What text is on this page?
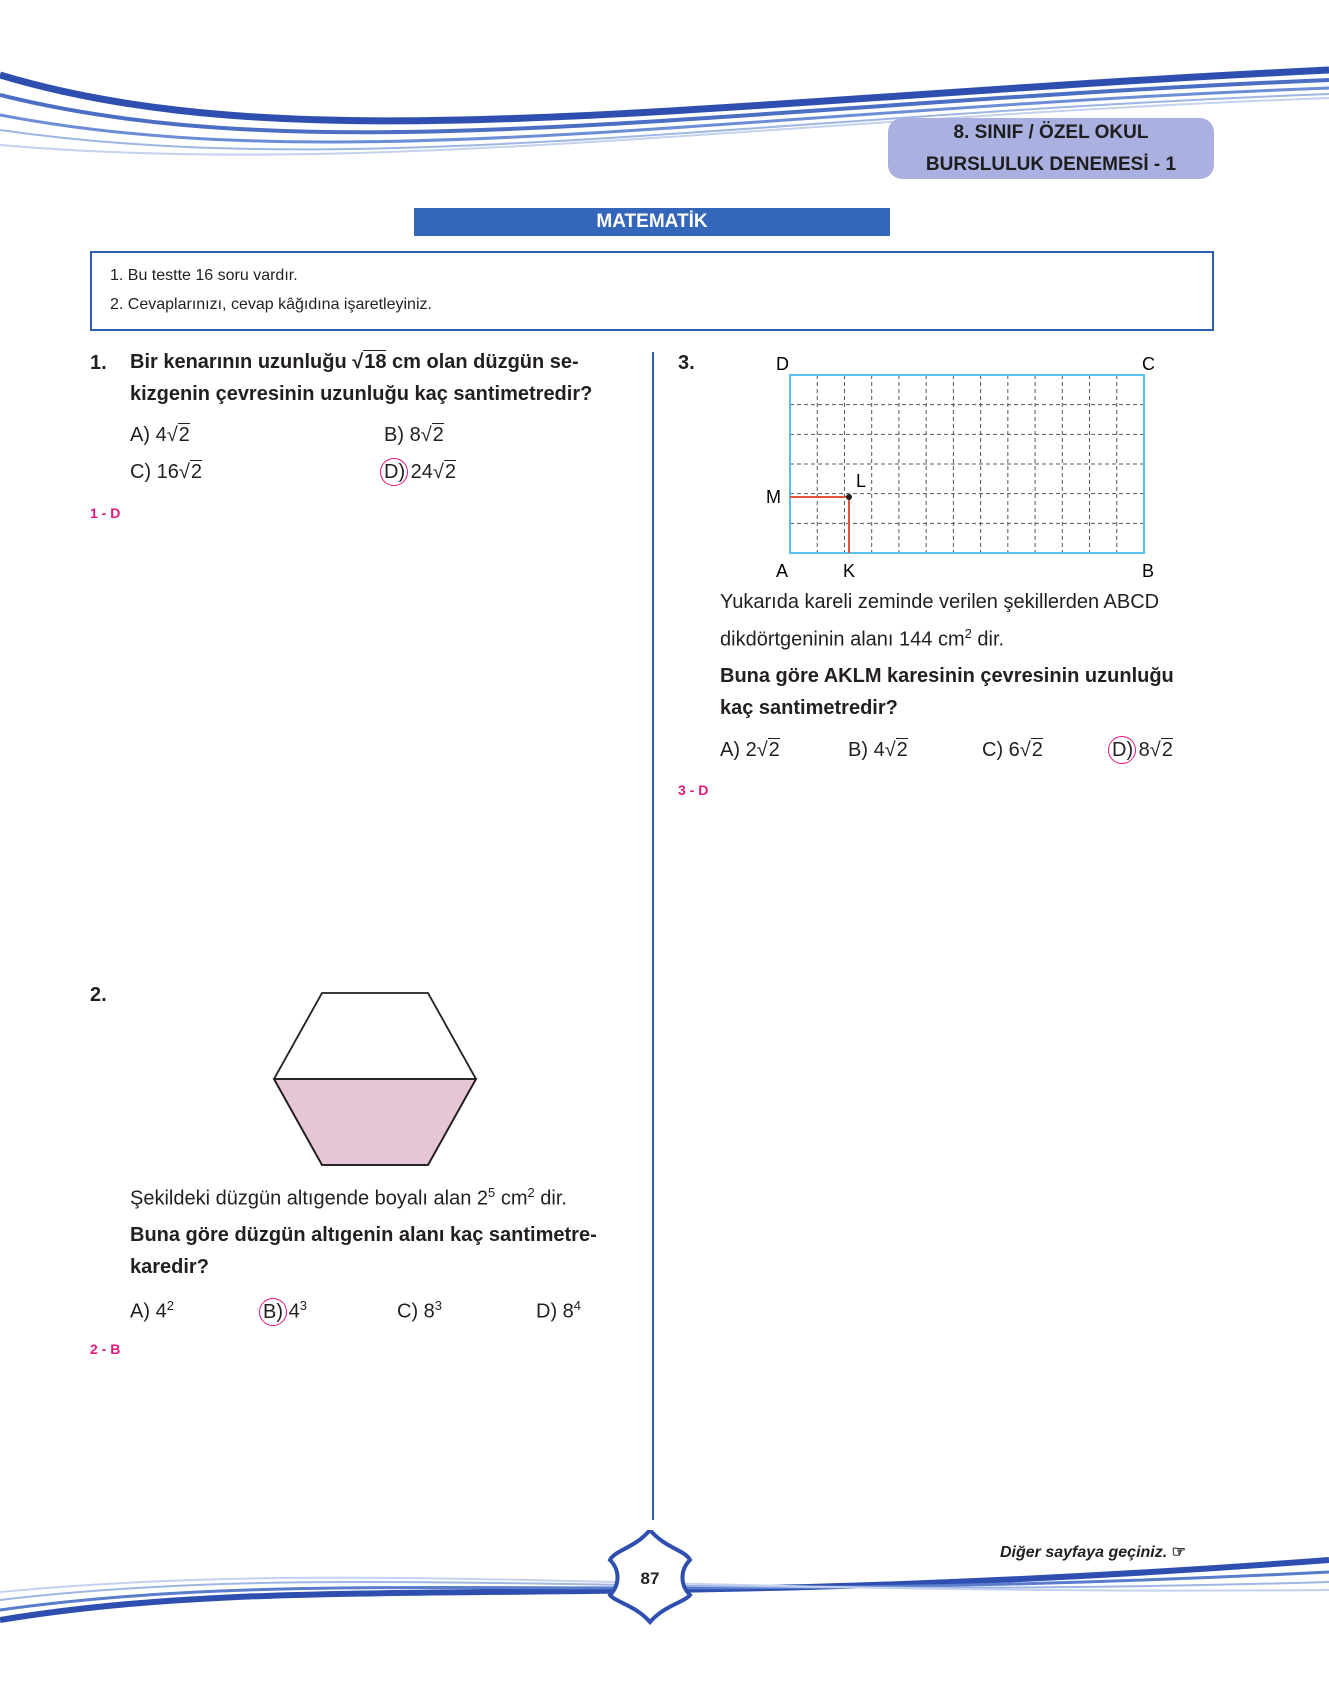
8. SINIF / ÖZEL OKUL
BURSLULUK DENEMESİ - 1
MATEMATİK
1. Bu testte 16 soru vardır.
2. Cevaplarınızı, cevap kâğıdına işaretleyiniz.
1. Bir kenarının uzunluğu √18 cm olan düzgün se-
kizgenin çevresinin uzunluğu kaç santimetredir?
A) 4√2	B) 8√2
C) 16√2	D) 24√2
1 - D
2.
Şekildeki düzgün altıgende boyalı alan $2^5$ $cm^2$ dir.
Buna göre düzgün altıgenin alanı kaç santimetre-
karedir?
A) $4^2$	B) $4^3$	C) $8^3$	D) $8^4$
2 - B
3.	D	C
A	K	B
L
M
Yukarıda kareli zeminde verilen şekillerden ABCD
dikdörtgeninin alanı 144 $cm^2$ dir.
Buna göre AKLM karesinin çevresinin uzunluğu
kaç santimetredir?
A) 2√2	B) 4√2	C) 6√2	D) 8√2
3 - D
87
Diğer sayfaya geçiniz. ☞
